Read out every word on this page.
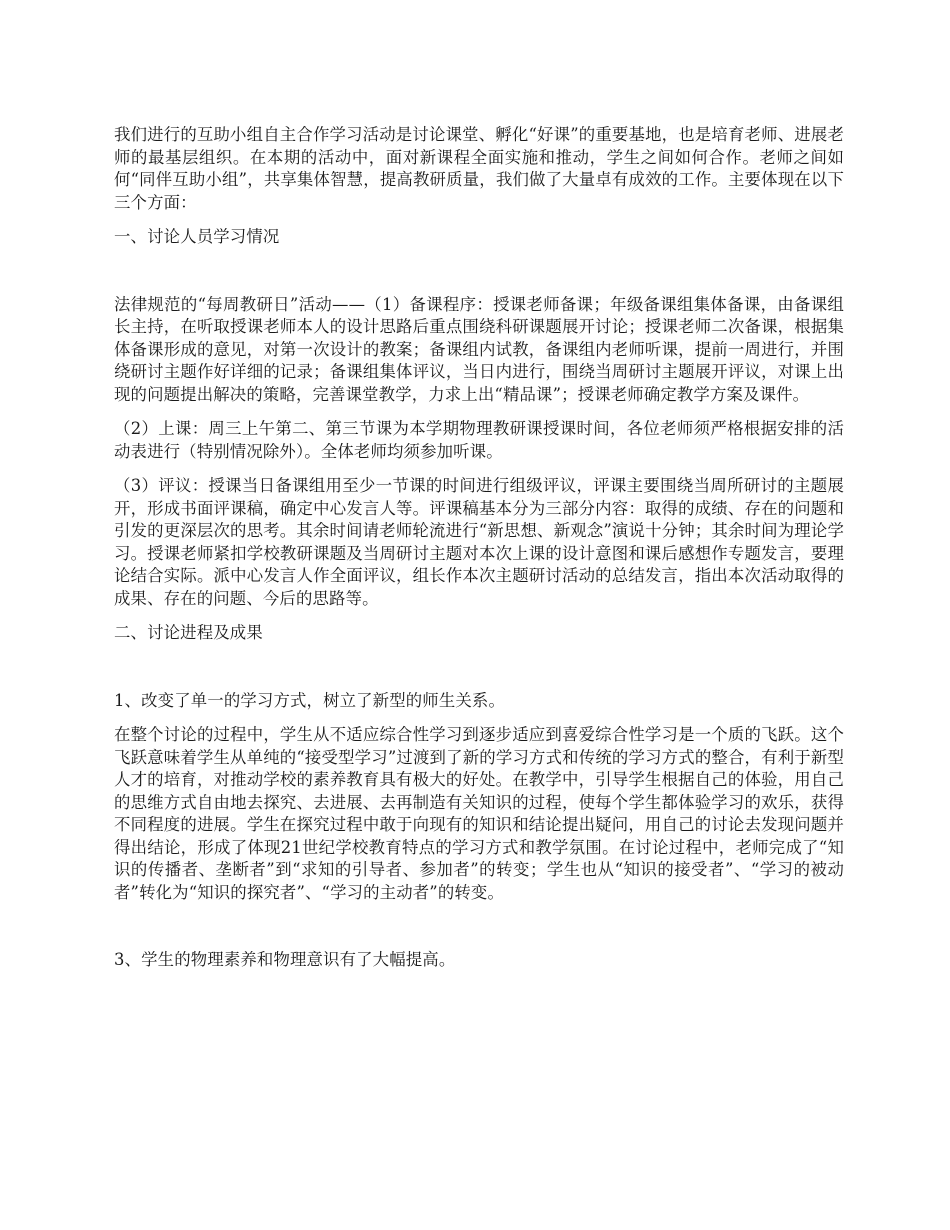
我们进行的互助小组自主合作学习活动是讨论课堂、孵化“好课”的重要基地，也是培育老师、进展老师的最基层组织。在本期的活动中，面对新课程全面实施和推动，学生之间如何合作。老师之间如何“同伴互助小组”，共享集体智慧，提高教研质量，我们做了大量卓有成效的工作。主要体现在以下三个方面：

一、讨论人员学习情况

法律规范的“每周教研日”活动——（1）备课程序：授课老师备课；年级备课组集体备课，由备课组长主持，在听取授课老师本人的设计思路后重点围绕科研课题展开讨论；授课老师二次备课，根据集体备课形成的意见，对第一次设计的教案；备课组内试教，备课组内老师听课，提前一周进行，并围绕研讨主题作好详细的记录；备课组集体评议，当日内进行，围绕当周研讨主题展开评议，对课上出现的问题提出解决的策略，完善课堂教学，力求上出“精品课”；授课老师确定教学方案及课件。

（2）上课：周三上午第二、第三节课为本学期物理教研课授课时间，各位老师须严格根据安排的活动表进行（特别情况除外）。全体老师均须参加听课。

（3）评议：授课当日备课组用至少一节课的时间进行组级评议，评课主要围绕当周所研讨的主题展开，形成书面评课稿，确定中心发言人等。评课稿基本分为三部分内容：取得的成绩、存在的问题和引发的更深层次的思考。其余时间请老师轮流进行“新思想、新观念”演说十分钟；其余时间为理论学习。授课老师紧扣学校教研课题及当周研讨主题对本次上课的设计意图和课后感想作专题发言，要理论结合实际。派中心发言人作全面评议，组长作本次主题研讨活动的总结发言，指出本次活动取得的成果、存在的问题、今后的思路等。

二、讨论进程及成果

1、改变了单一的学习方式，树立了新型的师生关系。

在整个讨论的过程中，学生从不适应综合性学习到逐步适应到喜爱综合性学习是一个质的飞跃。这个飞跃意味着学生从单纯的“接受型学习”过渡到了新的学习方式和传统的学习方式的整合，有利于新型人才的培育，对推动学校的素养教育具有极大的好处。在教学中，引导学生根据自己的体验，用自己的思维方式自由地去探究、去进展、去再制造有关知识的过程，使每个学生都体验学习的欢乐，获得不同程度的进展。学生在探究过程中敢于向现有的知识和结论提出疑问，用自己的讨论去发现问题并得出结论，形成了体现21世纪学校教育特点的学习方式和教学氛围。在讨论过程中，老师完成了“知识的传播者、垄断者”到“求知的引导者、参加者”的转变；学生也从“知识的接受者”、“学习的被动者”转化为“知识的探究者”、“学习的主动者”的转变。

3、学生的物理素养和物理意识有了大幅提高。
